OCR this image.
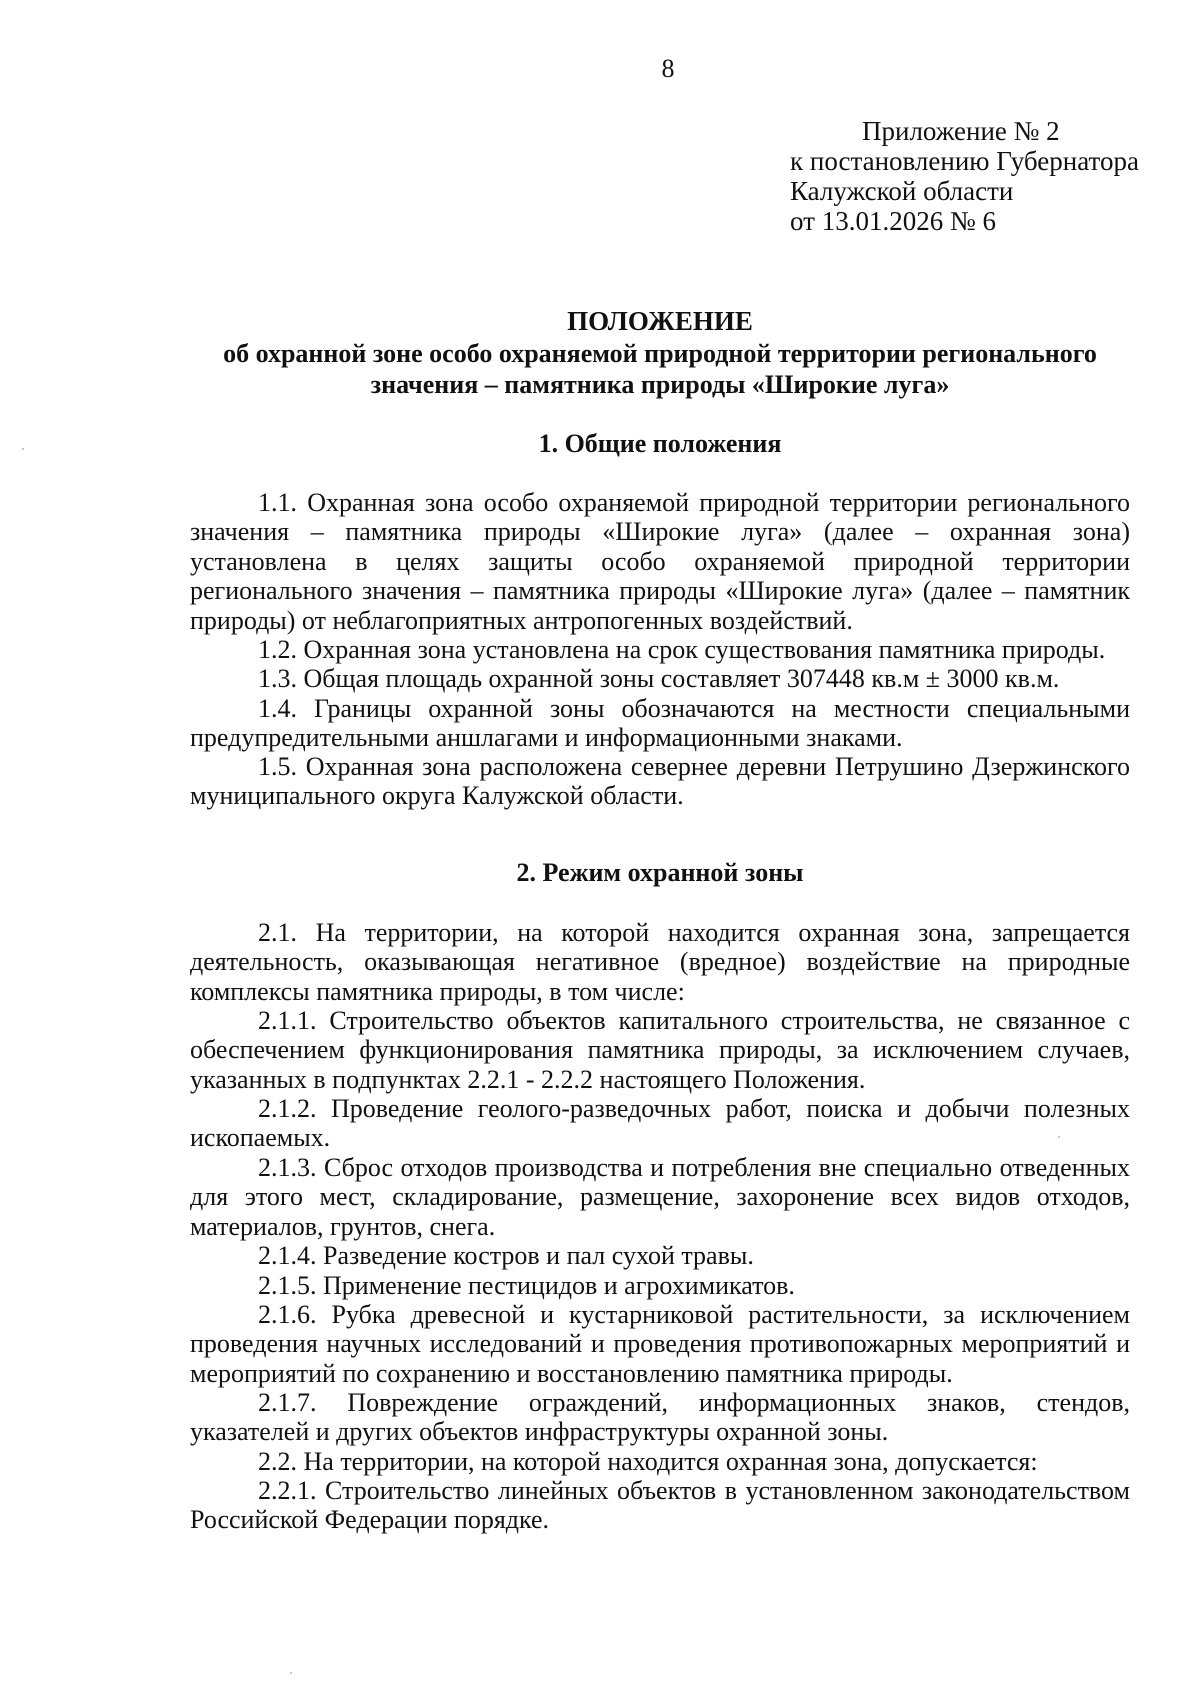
8
Приложение № 2
к постановлению Губернатора
Калужской области
от 13.01.2026 № 6
ПОЛОЖЕНИЕ
об охранной зоне особо охраняемой природной территории регионального
значения – памятника природы «Широкие луга»
1. Общие положения
1.1. Охранная зона особо охраняемой природной территории регионального значения – памятника природы «Широкие луга» (далее – охранная зона) установлена в целях защиты особо охраняемой природной территории регионального значения – памятника природы «Широкие луга» (далее – памятник природы) от неблагоприятных антропогенных воздействий.
1.2. Охранная зона установлена на срок существования памятника природы.
1.3. Общая площадь охранной зоны составляет 307448 кв.м ± 3000 кв.м.
1.4. Границы охранной зоны обозначаются на местности специальными предупредительными аншлагами и информационными знаками.
1.5. Охранная зона расположена севернее деревни Петрушино Дзержинского муниципального округа Калужской области.
2. Режим охранной зоны
2.1. На территории, на которой находится охранная зона, запрещается деятельность, оказывающая негативное (вредное) воздействие на природные комплексы памятника природы, в том числе:
2.1.1. Строительство объектов капитального строительства, не связанное с обеспечением функционирования памятника природы, за исключением случаев, указанных в подпунктах 2.2.1 - 2.2.2 настоящего Положения.
2.1.2. Проведение геолого-разведочных работ, поиска и добычи полезных ископаемых.
2.1.3. Сброс отходов производства и потребления вне специально отведенных для этого мест, складирование, размещение, захоронение всех видов отходов, материалов, грунтов, снега.
2.1.4. Разведение костров и пал сухой травы.
2.1.5. Применение пестицидов и агрохимикатов.
2.1.6. Рубка древесной и кустарниковой растительности, за исключением проведения научных исследований и проведения противопожарных мероприятий и мероприятий по сохранению и восстановлению памятника природы.
2.1.7. Повреждение ограждений, информационных знаков, стендов, указателей и других объектов инфраструктуры охранной зоны.
2.2. На территории, на которой находится охранная зона, допускается:
2.2.1. Строительство линейных объектов в установленном законодательством Российской Федерации порядке.
